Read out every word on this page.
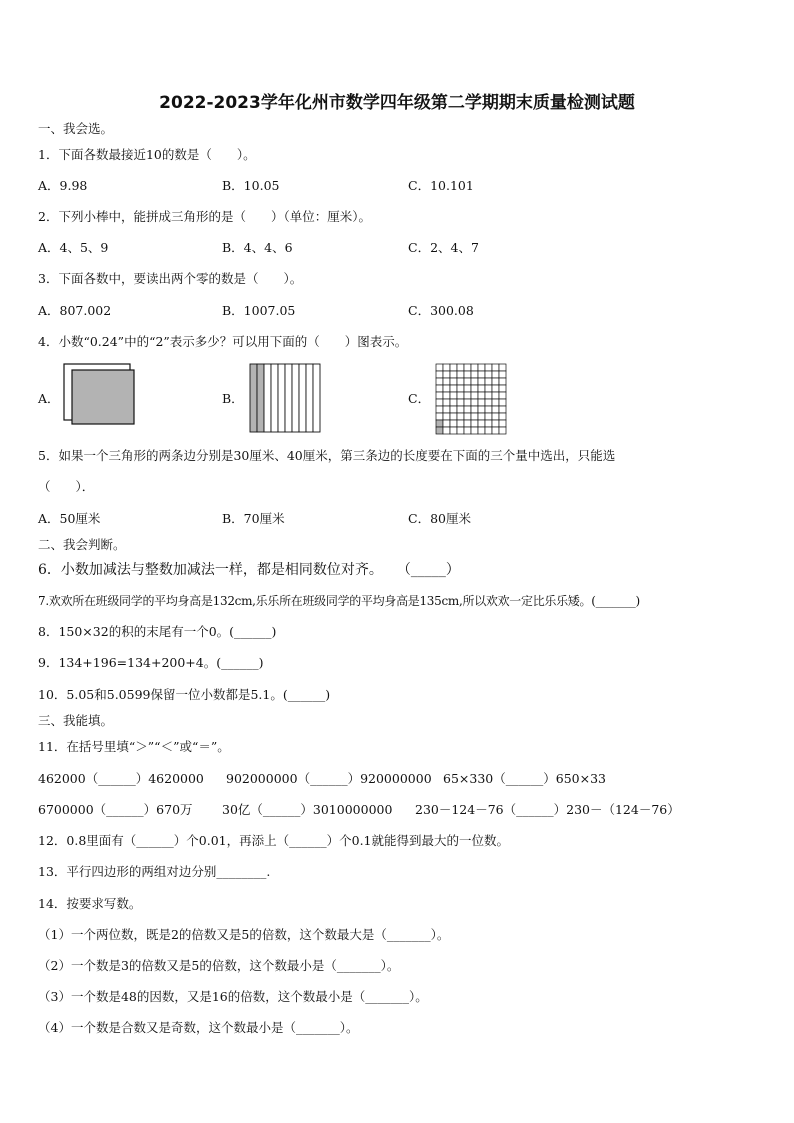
2022-2023学年化州市数学四年级第二学期期末质量检测试题
一、我会选。
1．下面各数最接近10的数是（　　）。
A．9.98	B．10.05	C．10.101
2．下列小棒中，能拼成三角形的是（　　）（单位：厘米）。
A．4、5、9	B．4、4、6	C．2、4、7
3．下面各数中，要读出两个零的数是（　　）。
A．807.002	B．1007.05	C．300.08
4．小数“0.24”中的“2”表示多少？可以用下面的（　　）图表示。
A．	B．	C．
5．如果一个三角形的两条边分别是30厘米、40厘米，第三条边的长度要在下面的三个量中选出，只能选
（　　）．
A．50厘米	B．70厘米	C．80厘米
二、我会判断。
6．小数加减法与整数加减法一样，都是相同数位对齐。　　（_____）
7.欢欢所在班级同学的平均身高是132cm,乐乐所在班级同学的平均身高是135cm,所以欢欢一定比乐乐矮。(_______)
8．150×32的积的末尾有一个0。(______)
9．134+196=134+200+4。(______)
10．5.05和5.0599保留一位小数都是5.1。(______)
三、我能填。
11．在括号里填“＞”“＜”或“＝”。
462000（______）4620000 902000000（______）920000000 65×330（______）650×33
6700000（______）670万 30亿（______）3010000000 230－124－76（______）230－（124－76）
12．0.8里面有（______）个0.01，再添上（______）个0.1就能得到最大的一位数。
13．平行四边形的两组对边分别________.
14．按要求写数。
（1）一个两位数，既是2的倍数又是5的倍数，这个数最大是（_______）。
（2）一个数是3的倍数又是5的倍数，这个数最小是（_______）。
（3）一个数是48的因数，又是16的倍数，这个数最小是（_______）。
（4）一个数是合数又是奇数，这个数最小是（_______）。
